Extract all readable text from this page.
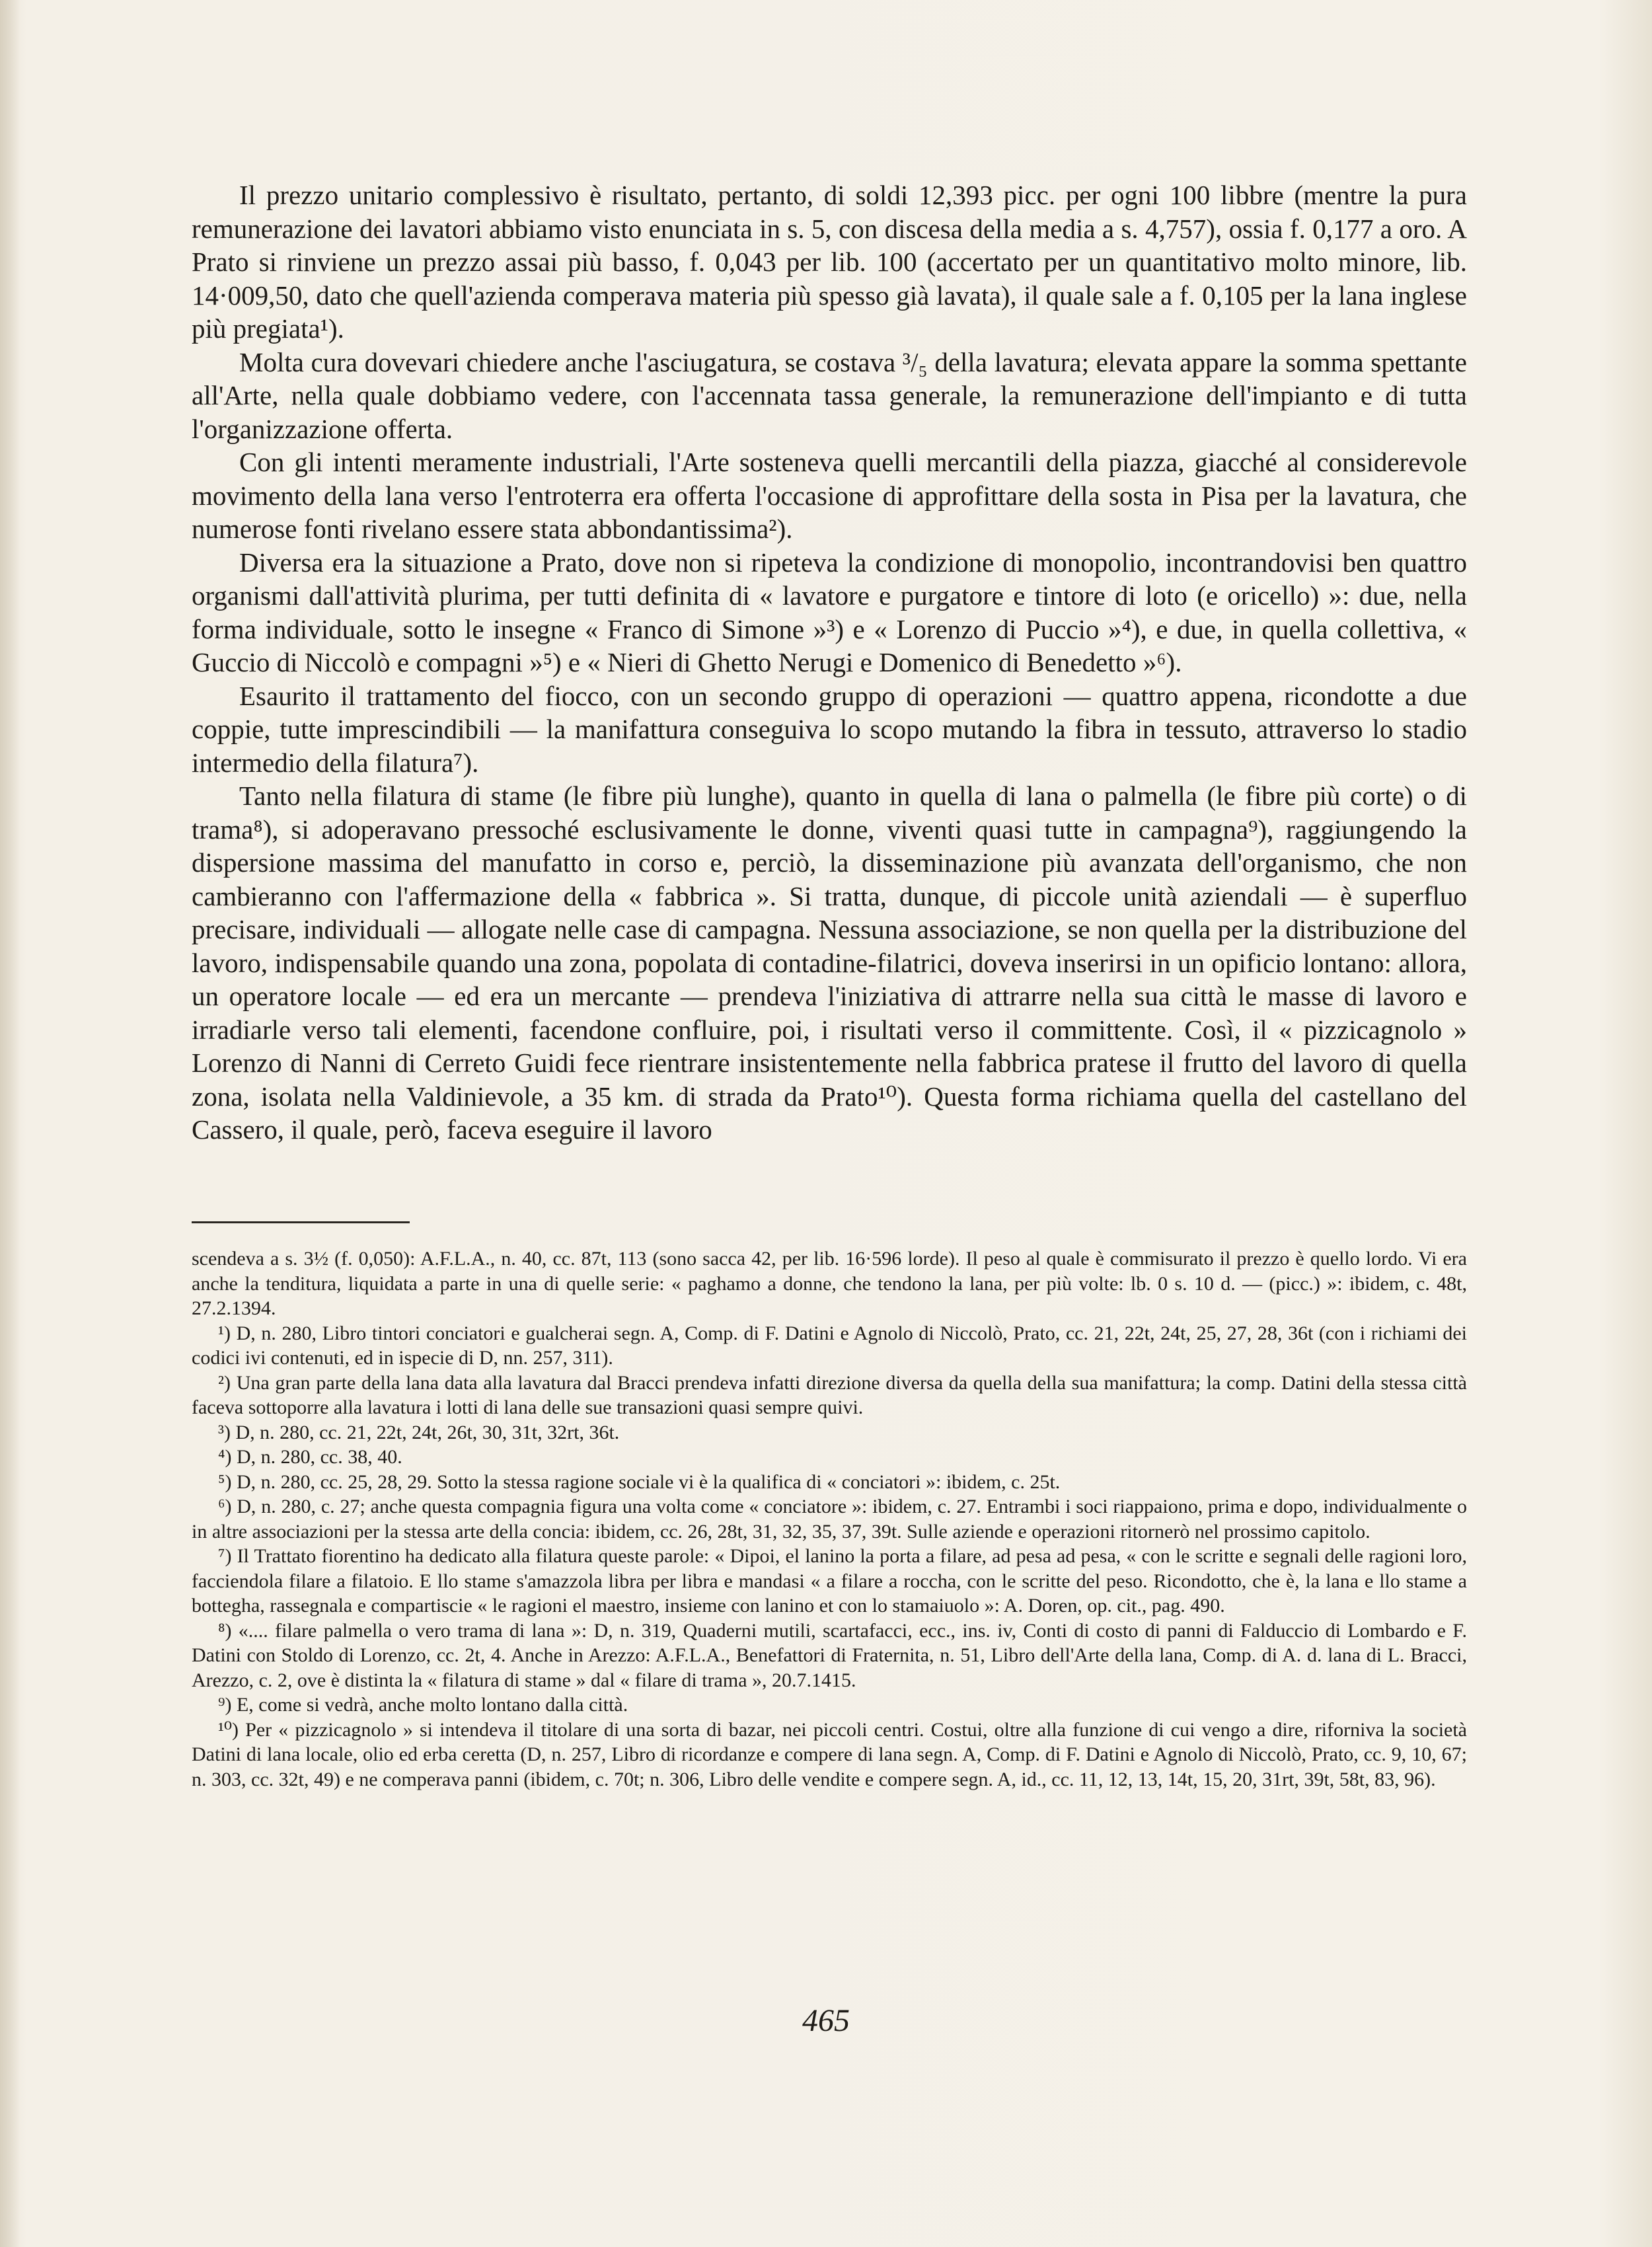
Il prezzo unitario complessivo è risultato, pertanto, di soldi 12,393 picc. per ogni 100 libbre (mentre la pura remunerazione dei lavatori abbiamo visto enunciata in s. 5, con discesa della media a s. 4,757), ossia f. 0,177 a oro. A Prato si rinviene un prezzo assai più basso, f. 0,043 per lib. 100 (accertato per un quantitativo molto minore, lib. 14·009,50, dato che quell'azienda comperava materia più spesso già lavata), il quale sale a f. 0,105 per la lana inglese più pregiata¹).

Molta cura dovevari chiedere anche l'asciugatura, se costava ³/₅ della lavatura; elevata appare la somma spettante all'Arte, nella quale dobbiamo vedere, con l'accennata tassa generale, la remunerazione dell'impianto e di tutta l'organizzazione offerta.

Con gli intenti meramente industriali, l'Arte sosteneva quelli mercantili della piazza, giacché al considerevole movimento della lana verso l'entroterra era offerta l'occasione di approfittare della sosta in Pisa per la lavatura, che numerose fonti rivelano essere stata abbondantissima²).

Diversa era la situazione a Prato, dove non si ripeteva la condizione di monopolio, incontrandovisi ben quattro organismi dall'attività plurima, per tutti definita di « lavatore e purgatore e tintore di loto (e oricello) »: due, nella forma individuale, sotto le insegne « Franco di Simone »³) e « Lorenzo di Puccio »⁴), e due, in quella collettiva, « Guccio di Niccolò e compagni »⁵) e « Nieri di Ghetto Nerugi e Domenico di Benedetto »⁶).

Esaurito il trattamento del fiocco, con un secondo gruppo di operazioni — quattro appena, ricondotte a due coppie, tutte imprescindibili — la manifattura conseguiva lo scopo mutando la fibra in tessuto, attraverso lo stadio intermedio della filatura⁷).

Tanto nella filatura di stame (le fibre più lunghe), quanto in quella di lana o palmella (le fibre più corte) o di trama⁸), si adoperavano pressoché esclusivamente le donne, viventi quasi tutte in campagna⁹), raggiungendo la dispersione massima del manufatto in corso e, perciò, la disseminazione più avanzata dell'organismo, che non cambieranno con l'affermazione della « fabbrica ». Si tratta, dunque, di piccole unità aziendali — è superfluo precisare, individuali — allogate nelle case di campagna. Nessuna associazione, se non quella per la distribuzione del lavoro, indispensabile quando una zona, popolata di contadine-filatrici, doveva inserirsi in un opificio lontano: allora, un operatore locale — ed era un mercante — prendeva l'iniziativa di attrarre nella sua città le masse di lavoro e irradiarle verso tali elementi, facendone confluire, poi, i risultati verso il committente. Così, il « pizzicagnolo » Lorenzo di Nanni di Cerreto Guidi fece rientrare insistentemente nella fabbrica pratese il frutto del lavoro di quella zona, isolata nella Valdinievole, a 35 km. di strada da Prato¹⁰). Questa forma richiama quella del castellano del Cassero, il quale, però, faceva eseguire il lavoro

scendeva a s. 3½ (f. 0,050): A.F.L.A., n. 40, cc. 87t, 113 (sono sacca 42, per lib. 16·596 lorde). Il peso al quale è commisurato il prezzo è quello lordo. Vi era anche la tenditura, liquidata a parte in una di quelle serie: « paghamo a donne, che tendono la lana, per più volte: lb. 0 s. 10 d. — (picc.) »: ibidem, c. 48t, 27.2.1394.

¹) D, n. 280, Libro tintori conciatori e gualcherai segn. A, Comp. di F. Datini e Agnolo di Niccolò, Prato, cc. 21, 22t, 24t, 25, 27, 28, 36t (con i richiami dei codici ivi contenuti, ed in ispecie di D, nn. 257, 311).

²) Una gran parte della lana data alla lavatura dal Bracci prendeva infatti direzione diversa da quella della sua manifattura; la comp. Datini della stessa città faceva sottoporre alla lavatura i lotti di lana delle sue transazioni quasi sempre quivi.

³) D, n. 280, cc. 21, 22t, 24t, 26t, 30, 31t, 32rt, 36t.

⁴) D, n. 280, cc. 38, 40.

⁵) D, n. 280, cc. 25, 28, 29. Sotto la stessa ragione sociale vi è la qualifica di « conciatori »: ibidem, c. 25t.

⁶) D, n. 280, c. 27; anche questa compagnia figura una volta come « conciatore »: ibidem, c. 27. Entrambi i soci riappaiono, prima e dopo, individualmente o in altre associazioni per la stessa arte della concia: ibidem, cc. 26, 28t, 31, 32, 35, 37, 39t. Sulle aziende e operazioni ritornerò nel prossimo capitolo.

⁷) Il Trattato fiorentino ha dedicato alla filatura queste parole: « Dipoi, el lanino la porta a filare, ad pesa ad pesa, « con le scritte e segnali delle ragioni loro, facciendola filare a filatoio. E llo stame s'amazzola libra per libra e mandasi « a filare a roccha, con le scritte del peso. Ricondotto, che è, la lana e llo stame a bottegha, rassegnala e compartiscie « le ragioni el maestro, insieme con lanino et con lo stamaiuolo »: A. Doren, op. cit., pag. 490.

⁸) «.... filare palmella o vero trama di lana »: D, n. 319, Quaderni mutili, scartafacci, ecc., ins. iv, Conti di costo di panni di Falduccio di Lombardo e F. Datini con Stoldo di Lorenzo, cc. 2t, 4. Anche in Arezzo: A.F.L.A., Benefattori di Fraternita, n. 51, Libro dell'Arte della lana, Comp. di A. d. lana di L. Bracci, Arezzo, c. 2, ove è distinta la « filatura di stame » dal « filare di trama », 20.7.1415.

⁹) E, come si vedrà, anche molto lontano dalla città.

¹⁰) Per « pizzicagnolo » si intendeva il titolare di una sorta di bazar, nei piccoli centri. Costui, oltre alla funzione di cui vengo a dire, riforniva la società Datini di lana locale, olio ed erba ceretta (D, n. 257, Libro di ricordanze e compere di lana segn. A, Comp. di F. Datini e Agnolo di Niccolò, Prato, cc. 9, 10, 67; n. 303, cc. 32t, 49) e ne comperava panni (ibidem, c. 70t; n. 306, Libro delle vendite e compere segn. A, id., cc. 11, 12, 13, 14t, 15, 20, 31rt, 39t, 58t, 83, 96).

465
